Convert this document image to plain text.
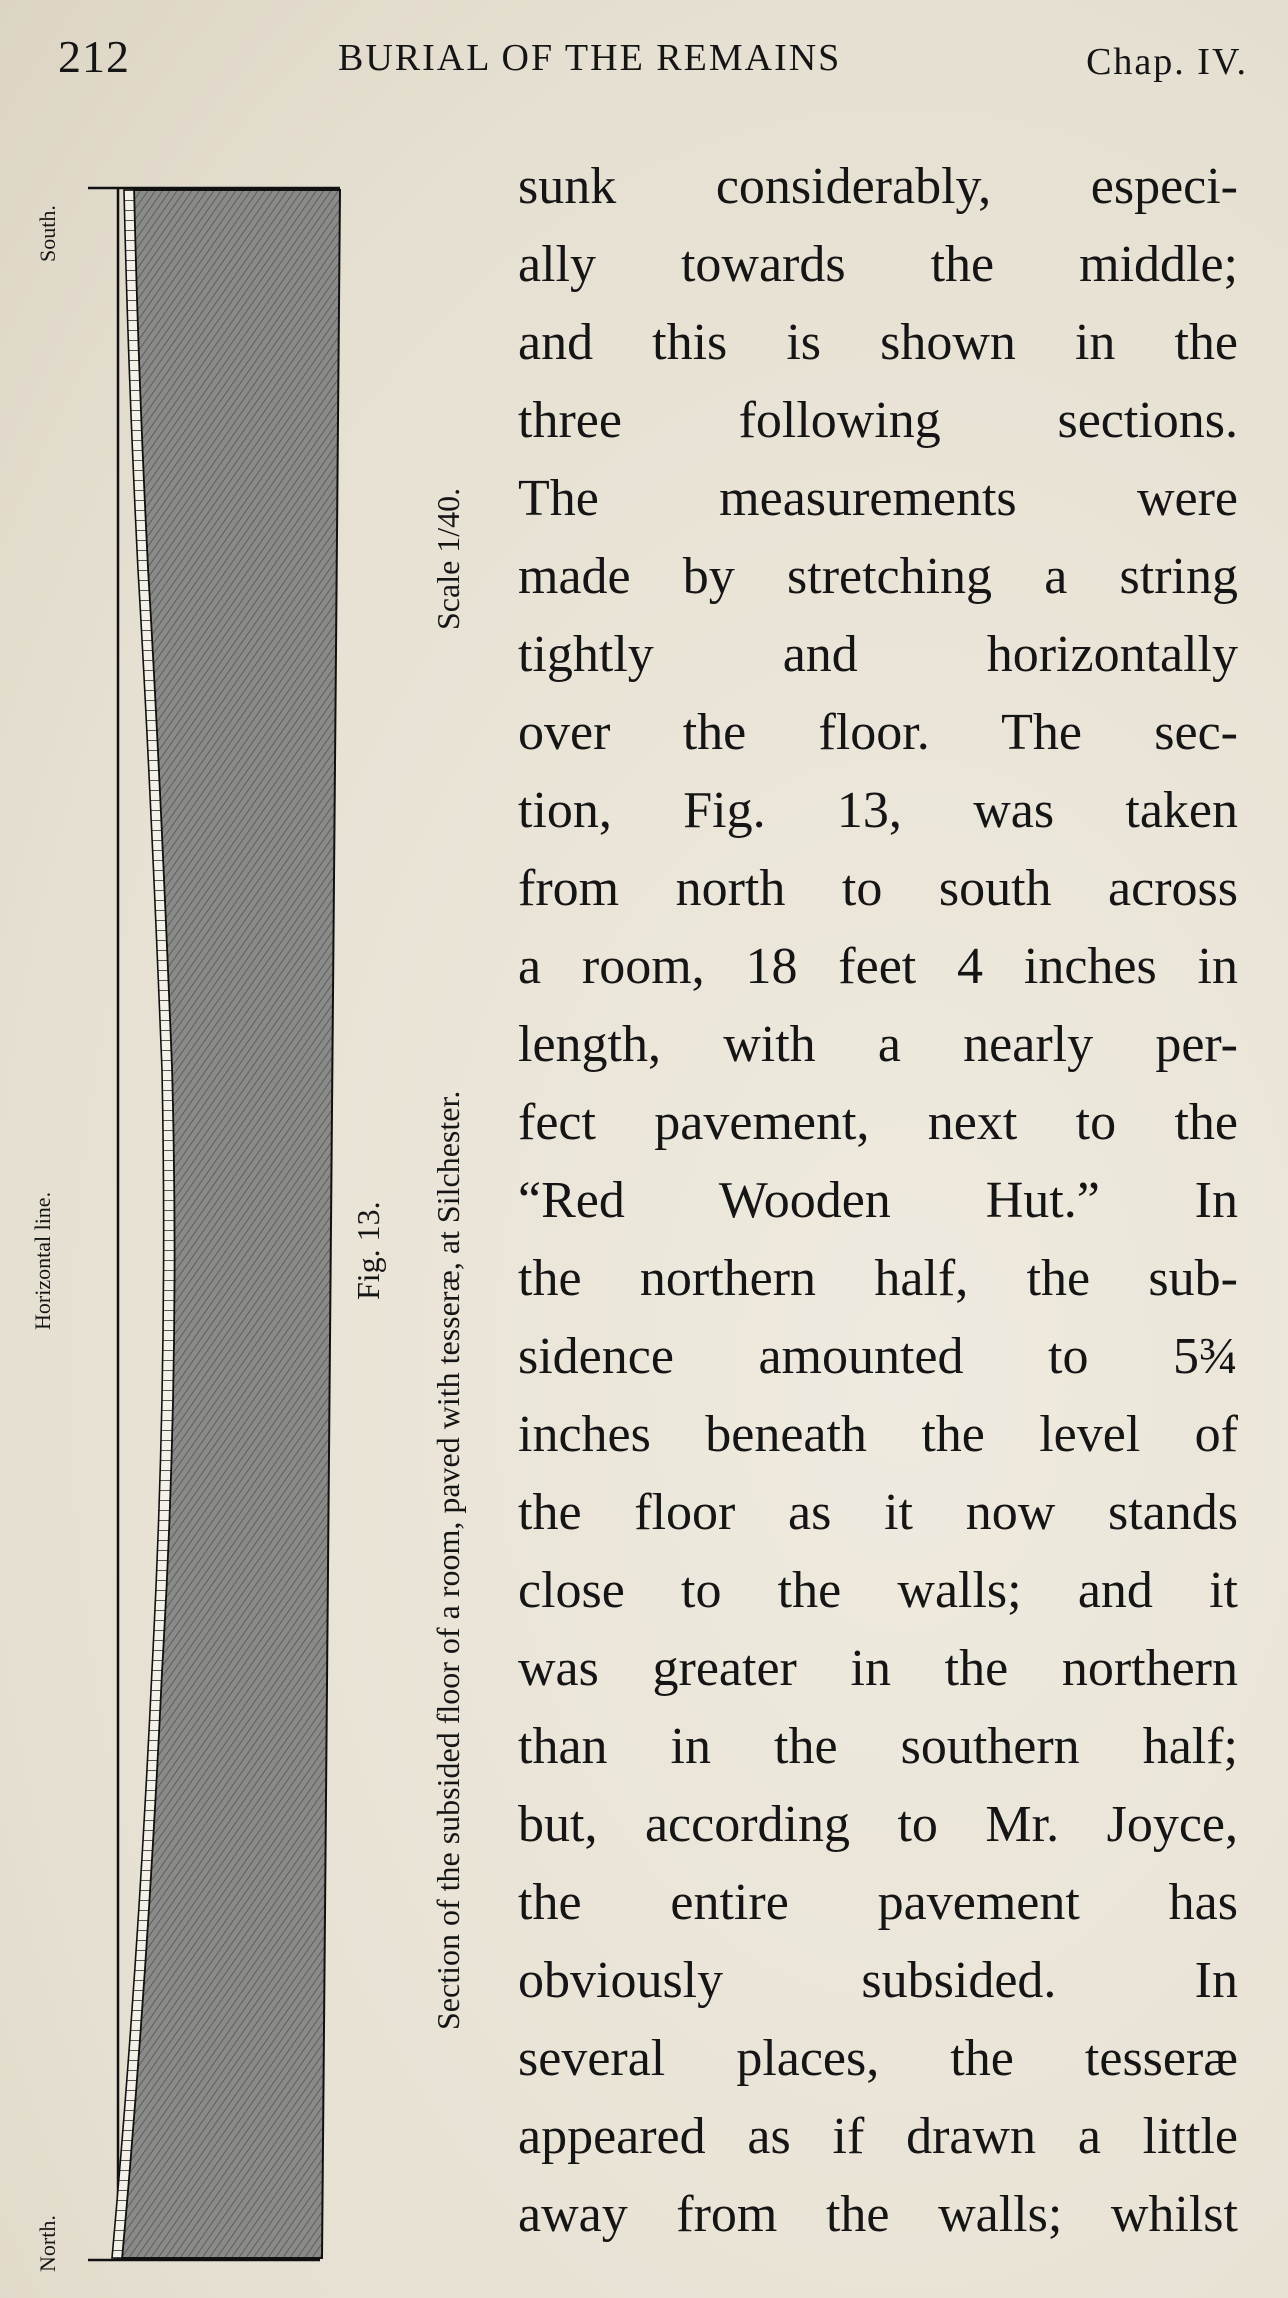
212	BURIAL OF THE REMAINS	Chap. IV.
South.
Horizontal line.
North.
Fig. 13. Section of the subsided floor of a room, paved with tesseræ, at Silchester.
Scale 1/40.
sunk considerably, especi-
ally towards the middle;
and this is shown in the
three following sections.
The measurements were
made by stretching a string
tightly and horizontally
over the floor. The sec-
tion, Fig. 13, was taken
from north to south across
a room, 18 feet 4 inches in
length, with a nearly per-
fect pavement, next to the
“Red Wooden Hut.” In
the northern half, the sub-
sidence amounted to 5¾
inches beneath the level of
the floor as it now stands
close to the walls; and it
was greater in the northern
than in the southern half;
but, according to Mr. Joyce,
the entire pavement has
obviously subsided. In
several places, the tesseræ
appeared as if drawn a little
away from the walls; whilst
